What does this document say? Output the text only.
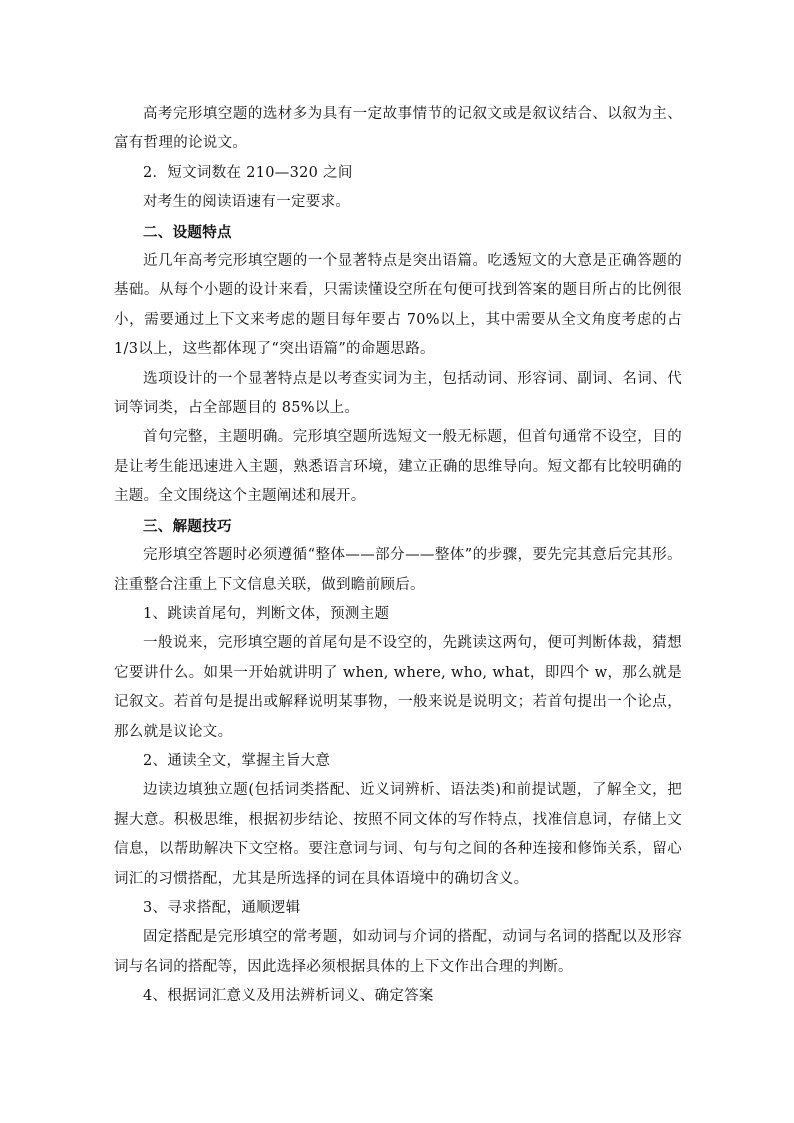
高考完形填空题的选材多为具有一定故事情节的记叙文或是叙议结合、以叙为主、富有哲理的论说文。

2．短文词数在 210—320 之间

对考生的阅读语速有一定要求。

二、设题特点

近几年高考完形填空题的一个显著特点是突出语篇。吃透短文的大意是正确答题的基础。从每个小题的设计来看，只需读懂设空所在句便可找到答案的题目所占的比例很小，需要通过上下文来考虑的题目每年要占 70%以上，其中需要从全文角度考虑的占 1/3以上，这些都体现了“突出语篇”的命题思路。

选项设计的一个显著特点是以考查实词为主，包括动词、形容词、副词、名词、代词等词类，占全部题目的 85%以上。

首句完整，主题明确。完形填空题所选短文一般无标题，但首句通常不设空，目的是让考生能迅速进入主题，熟悉语言环境，建立正确的思维导向。短文都有比较明确的主题。全文围绕这个主题阐述和展开。

三、解题技巧

完形填空答题时必须遵循“整体——部分——整体”的步骤，要先完其意后完其形。注重整合注重上下文信息关联，做到瞻前顾后。

1、跳读首尾句，判断文体，预测主题

一般说来，完形填空题的首尾句是不设空的，先跳读这两句，便可判断体裁，猜想它要讲什么。如果一开始就讲明了 when, where, who, what，即四个 w，那么就是记叙文。若首句是提出或解释说明某事物，一般来说是说明文；若首句提出一个论点，那么就是议论文。

2、通读全文，掌握主旨大意

边读边填独立题(包括词类搭配、近义词辨析、语法类)和前提试题，了解全文，把握大意。积极思维，根据初步结论、按照不同文体的写作特点，找准信息词，存储上文信息，以帮助解决下文空格。要注意词与词、句与句之间的各种连接和修饰关系，留心词汇的习惯搭配，尤其是所选择的词在具体语境中的确切含义。

3、寻求搭配，通顺逻辑

固定搭配是完形填空的常考题，如动词与介词的搭配，动词与名词的搭配以及形容词与名词的搭配等，因此选择必须根据具体的上下文作出合理的判断。

4、根据词汇意义及用法辨析词义、确定答案
